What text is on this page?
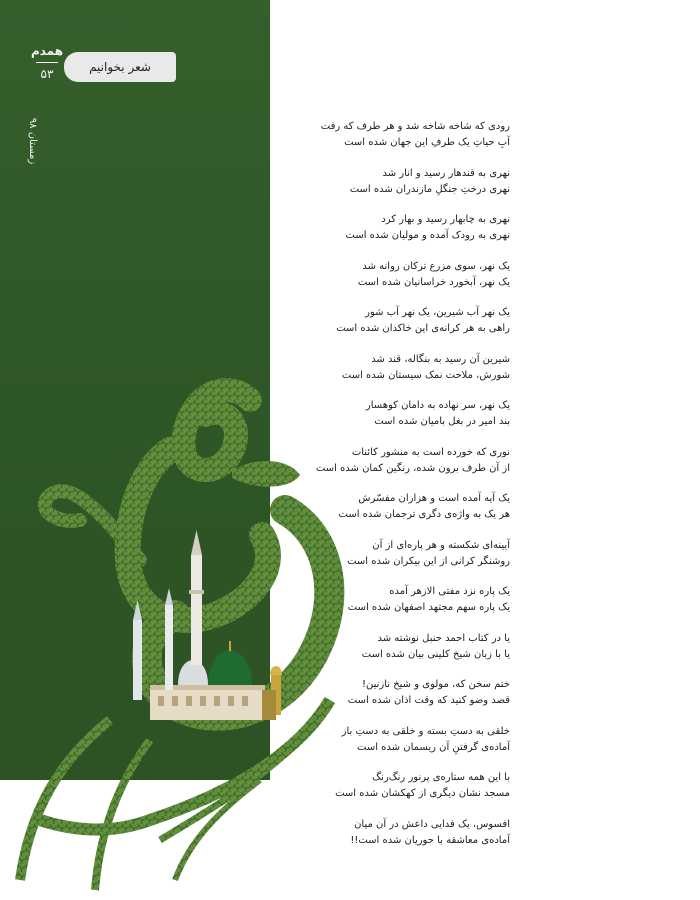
شعر بخوانیم
همدم
۵۳
زمستان ۹۸

رودی که شاخه شاخه شد و هر طرف که رفت

آبِ حیاتِ یک طرفِ این جهان شده است

نهری به قندهار رسید و انار شد

نهری درختِ جنگلِ مازندران شده است

نهری به چابهار رسید و بهار کرد

نهری به رودک آمده و مولیان شده است

یک نهر، سوی مزرع ترکان روانه شد

یک نهر، آبخورد خراسانیان شده است

یک نهر آب شیرین، یک نهر آب شور

راهی به هر کرانه‌ی این خاکدان شده است

شیرین آن رسید به بنگاله، قند شد

شورش، ملاحت نمک سیستان شده است

یک نهر، سر نهاده به دامان کوهسار

بند امیر در بغل بامیان شده است

نوری که خورده است به منشور کائنات

از آن طرف برون شده، رنگین کمان شده است

یک آیه آمده است و هزاران مفسّرش

هر یک به واژه‌ی دگری ترجمان شده است

آیینه‌ای شکسته و هر پاره‌ای از آن

روشنگر کرانی از این بیکران شده است

یک پاره نزد مفتی الازهر آمده

یک پاره سهم مجتهد اصفهان شده است

یا در کتاب احمد حنبل نوشته شد

یا با زبان شیخ کلینی بیان شده است

ختم سخن که، مولوی و شیخ نازنین!

قصد وضو کنید که وقت اذان شده است

خلقی به دستِ بسته و خلقی به دستِ باز

آماده‌ی گرفتنِ آن ریسمان شده است

با این همه ستاره‌ی پرنور رنگ‌رنگ

مسجد نشان دیگری از کهکشان شده است

افسوس، یک فدایی داعش در آن میان

آماده‌ی معاشقه با حوریان شده است!!
